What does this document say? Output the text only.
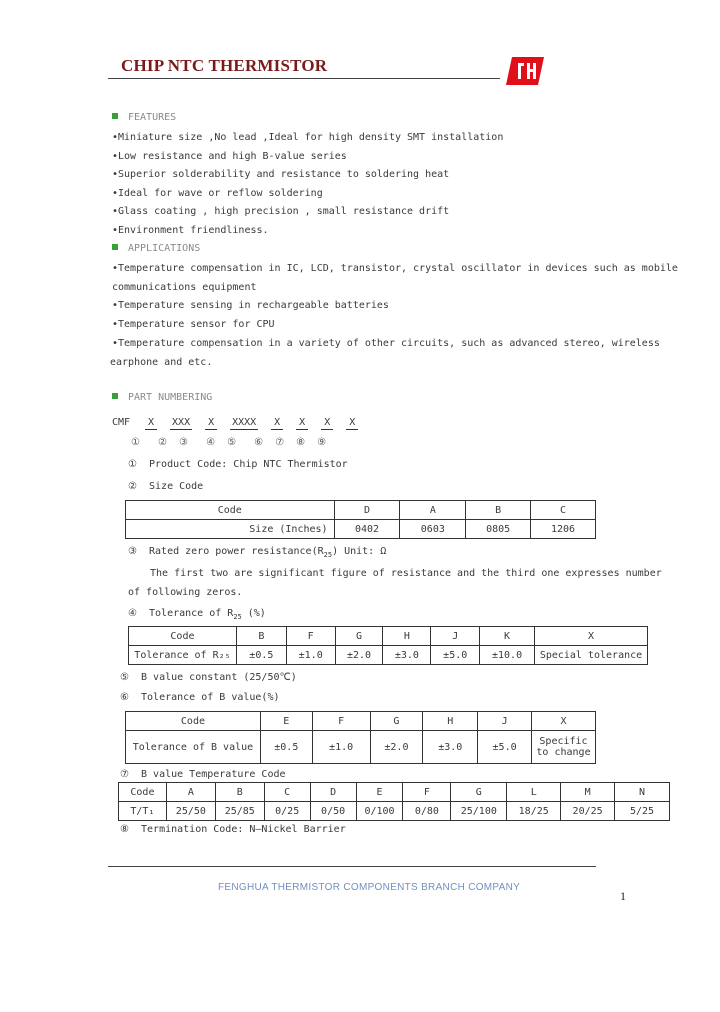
CHIP NTC THERMISTOR
FEATURES
•Miniature size ,No lead ,Ideal for high density SMT installation
•Low resistance and high B-value series
•Superior solderability and resistance to soldering heat
•Ideal for wave or reflow soldering
•Glass coating , high precision , small resistance drift
•Environment friendliness.
APPLICATIONS
•Temperature compensation in IC, LCD, transistor, crystal oscillator in devices such as mobile
communications equipment
•Temperature sensing in rechargeable batteries
•Temperature sensor for CPU
•Temperature compensation in a variety of other circuits, such as advanced stereo, wireless
earphone and etc.
PART NUMBERING
CMF X XXX X XXXX X X X X
① ② ③ ④ ⑤ ⑥ ⑦ ⑧ ⑨
① Product Code: Chip NTC Thermistor
② Size Code
Code	D	A	B	C
Size (Inches)	0402	0603	0805	1206
③ Rated zero power $resistance(R_{25})$ Unit: Ω
The first two are significant figure of resistance and the third one expresses number
of following zeros.
④ Tolerance of $R_{25}$ (%)
Code	B	F	G	H	J	K	X
Tolerance of R₂₅	±0.5	±1.0	±2.0	±3.0	±5.0	±10.0	Special tolerance
⑤ B value constant (25/50℃)
⑥ Tolerance of B value(%)
Code	E	F	G	H	J	X
Tolerance of B value	±0.5	±1.0	±2.0	±3.0	±5.0	Specific to change
⑦ B value Temperature Code
Code	A	B	C	D	E	F	G	L	M	N
T/T₁	25/50	25/85	0/25	0/50	0/100	0/80	25/100	18/25	20/25	5/25
⑧ Termination Code: N—Nickel Barrier
FENGHUA THERMISTOR COMPONENTS BRANCH COMPANY
1
